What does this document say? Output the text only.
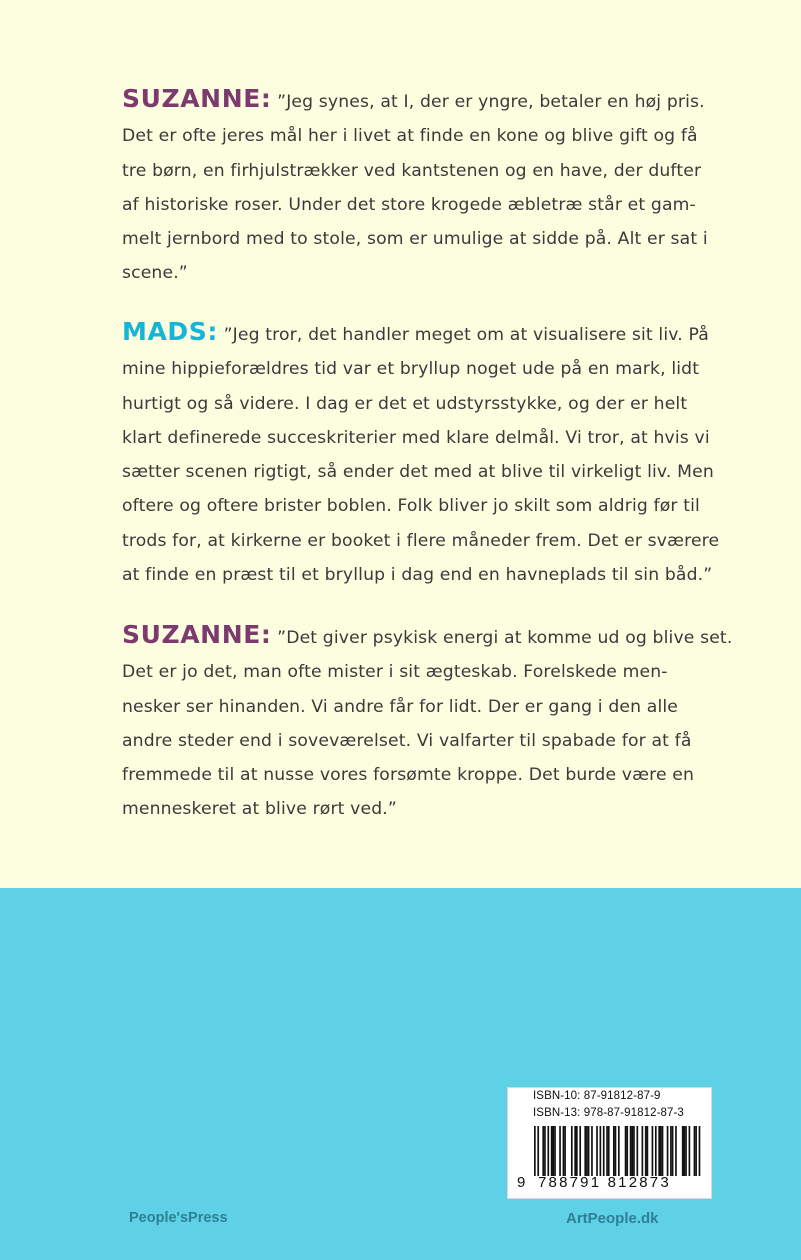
SUZANNE: ”Jeg synes, at I, der er yngre, betaler en høj pris.
Det er ofte jeres mål her i livet at finde en kone og blive gift og få
tre børn, en firhjulstrækker ved kantstenen og en have, der dufter
af historiske roser. Under det store krogede æbletræ står et gam-
melt jernbord med to stole, som er umulige at sidde på. Alt er sat i
scene.”
MADS: ”Jeg tror, det handler meget om at visualisere sit liv. På
mine hippieforældres tid var et bryllup noget ude på en mark, lidt
hurtigt og så videre. I dag er det et udstyrsstykke, og der er helt
klart definerede succeskriterier med klare delmål. Vi tror, at hvis vi
sætter scenen rigtigt, så ender det med at blive til virkeligt liv. Men
oftere og oftere brister boblen. Folk bliver jo skilt som aldrig før til
trods for, at kirkerne er booket i flere måneder frem. Det er sværere
at finde en præst til et bryllup i dag end en havneplads til sin båd.”
SUZANNE: ”Det giver psykisk energi at komme ud og blive set.
Det er jo det, man ofte mister i sit ægteskab. Forelskede men-
nesker ser hinanden. Vi andre får for lidt. Der er gang i den alle
andre steder end i soveværelset. Vi valfarter til spabade for at få
fremmede til at nusse vores forsømte kroppe. Det burde være en
menneskeret at blive rørt ved.”
ISBN-10: 87-91812-87-9
ISBN-13: 978-87-91812-87-3
9 788791 812873
People'sPress	ArtPeople.dk
